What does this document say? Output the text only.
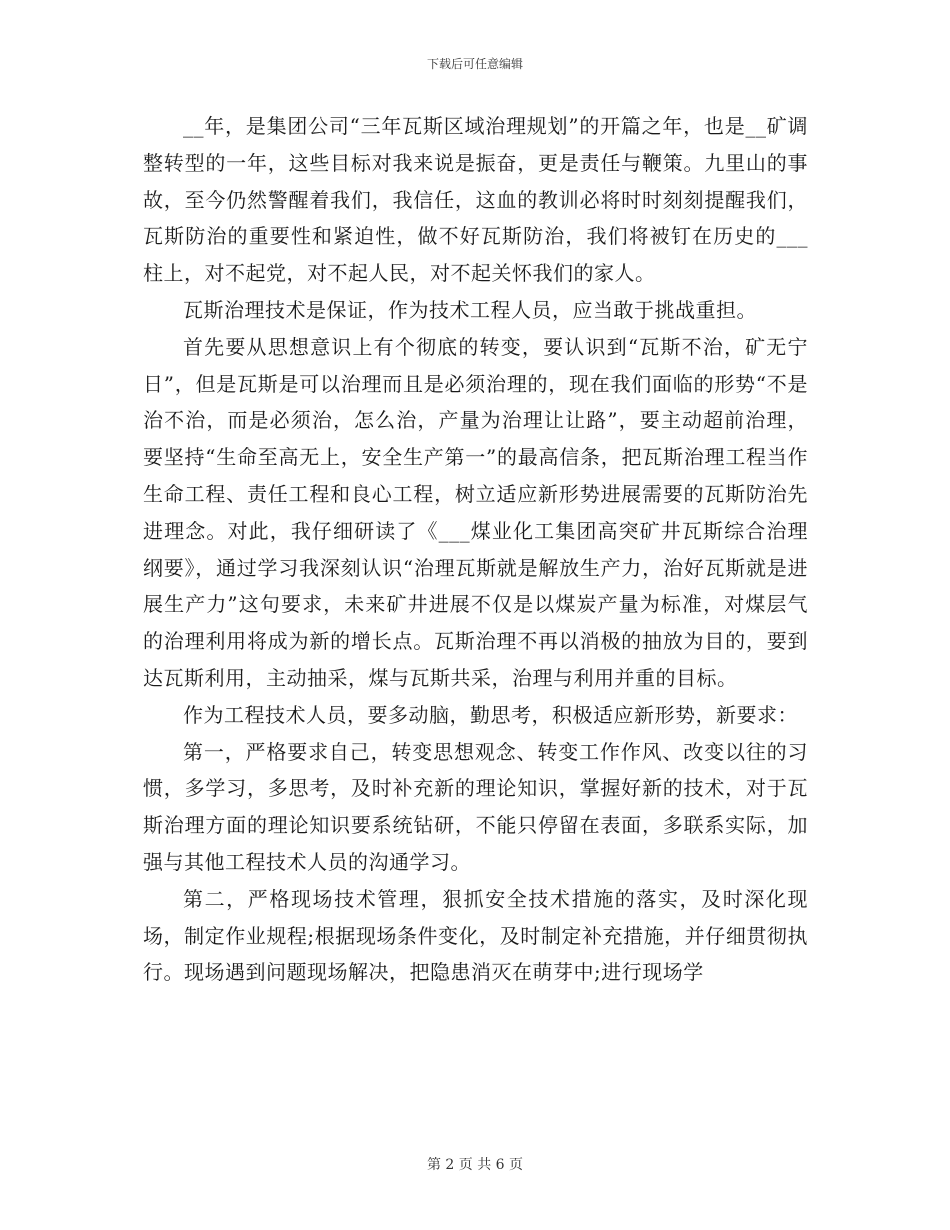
下载后可任意编辑

__年，是集团公司“三年瓦斯区域治理规划”的开篇之年，也是__矿调整转型的一年，这些目标对我来说是振奋，更是责任与鞭策。九里山的事故，至今仍然警醒着我们，我信任，这血的教训必将时时刻刻提醒我们，瓦斯防治的重要性和紧迫性，做不好瓦斯防治，我们将被钉在历史的___柱上，对不起党，对不起人民，对不起关怀我们的家人。

瓦斯治理技术是保证，作为技术工程人员，应当敢于挑战重担。

首先要从思想意识上有个彻底的转变，要认识到“瓦斯不治，矿无宁日”，但是瓦斯是可以治理而且是必须治理的，现在我们面临的形势“不是治不治，而是必须治，怎么治，产量为治理让让路”，要主动超前治理，要坚持“生命至高无上，安全生产第一”的最高信条，把瓦斯治理工程当作生命工程、责任工程和良心工程，树立适应新形势进展需要的瓦斯防治先进理念。对此，我仔细研读了《___煤业化工集团高突矿井瓦斯综合治理纲要》，通过学习我深刻认识“治理瓦斯就是解放生产力，治好瓦斯就是进展生产力”这句要求，未来矿井进展不仅是以煤炭产量为标准，对煤层气的治理利用将成为新的增长点。瓦斯治理不再以消极的抽放为目的，要到达瓦斯利用，主动抽采，煤与瓦斯共采，治理与利用并重的目标。

作为工程技术人员，要多动脑，勤思考，积极适应新形势，新要求：

第一，严格要求自己，转变思想观念、转变工作作风、改变以往的习惯，多学习，多思考，及时补充新的理论知识，掌握好新的技术，对于瓦斯治理方面的理论知识要系统钻研，不能只停留在表面，多联系实际，加强与其他工程技术人员的沟通学习。

第二，严格现场技术管理，狠抓安全技术措施的落实，及时深化现场，制定作业规程;根据现场条件变化，及时制定补充措施，并仔细贯彻执行。现场遇到问题现场解决，把隐患消灭在萌芽中;进行现场学

第 2 页 共 6 页
